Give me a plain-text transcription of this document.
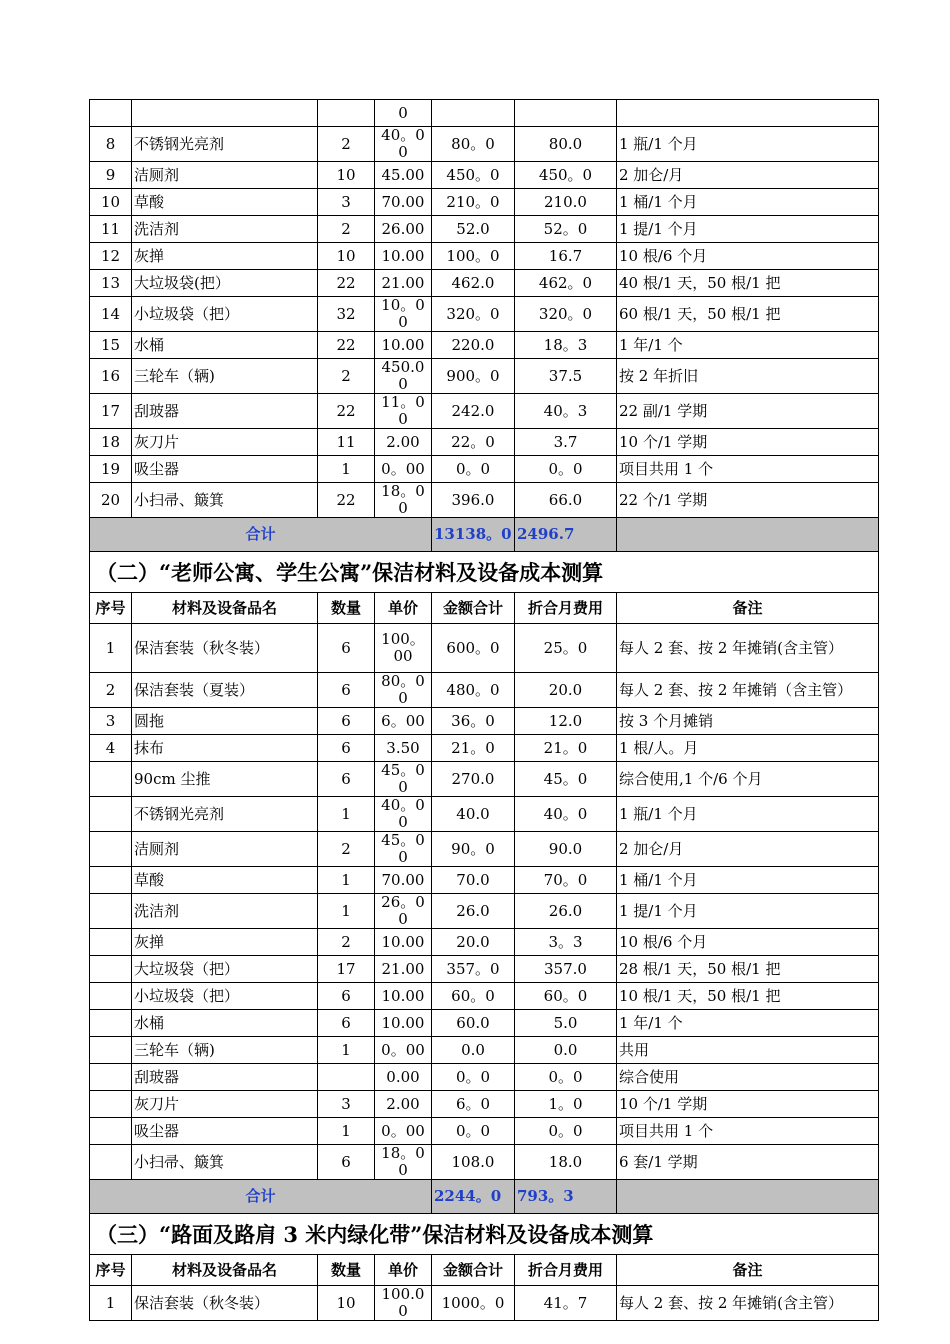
			0			
8	不锈钢光亮剂	2	40。00	80。0	80.0	1 瓶/1 个月
9	洁厕剂	10	45.00	450。0	450。0	2 加仑/月
10	草酸	3	70.00	210。0	210.0	1 桶/1 个月
11	洗洁剂	2	26.00	52.0	52。0	1 提/1 个月
12	灰掸	10	10.00	100。0	16.7	10 根/6 个月
13	大垃圾袋(把）	22	21.00	462.0	462。0	40 根/1 天，50 根/1 把
14	小垃圾袋（把）	32	10。00	320。0	320。0	60 根/1 天，50 根/1 把
15	水桶	22	10.00	220.0	18。3	1 年/1 个
16	三轮车（辆)	2	450.00	900。0	37.5	按 2 年折旧
17	刮玻器	22	11。00	242.0	40。3	22 副/1 学期
18	灰刀片	11	2.00	22。0	3.7	10 个/1 学期
19	吸尘器	1	0。00	0。0	0。0	项目共用 1 个
20	小扫帚、簸箕	22	18。00	396.0	66.0	22 个/1 学期
合计				13138。0	2496.7	
（二）“老师公寓、学生公寓”保洁材料及设备成本测算						
序号	材料及设备品名	数量	单价	金额合计	折合月费用	备注
1	保洁套装（秋冬装）	6	100。00	600。0	25。0	每人 2 套、按 2 年摊销(含主管）
2	保洁套装（夏装）	6	80。00	480。0	20.0	每人 2 套、按 2 年摊销（含主管）
3	圆拖	6	6。00	36。0	12.0	按 3 个月摊销
4	抹布	6	3.50	21。0	21。0	1 根/人。月
	90cm 尘推	6	45。00	270.0	45。0	综合使用,1 个/6 个月
	不锈钢光亮剂	1	40。00	40.0	40。0	1 瓶/1 个月
	洁厕剂	2	45。00	90。0	90.0	2 加仑/月
	草酸	1	70.00	70.0	70。0	1 桶/1 个月
	洗洁剂	1	26。00	26.0	26.0	1 提/1 个月
	灰掸	2	10.00	20.0	3。3	10 根/6 个月
	大垃圾袋（把）	17	21.00	357。0	357.0	28 根/1 天，50 根/1 把
	小垃圾袋（把）	6	10.00	60。0	60。0	10 根/1 天，50 根/1 把
	水桶	6	10.00	60.0	5.0	1 年/1 个
	三轮车（辆)	1	0。00	0.0	0.0	共用
	刮玻器		0.00	0。0	0。0	综合使用
	灰刀片	3	2.00	6。0	1。0	10 个/1 学期
	吸尘器	1	0。00	0。0	0。0	项目共用 1 个
	小扫帚、簸箕	6	18。00	108.0	18.0	6 套/1 学期
合计				2244。0	793。3	
（三）“路面及路肩 3 米内绿化带”保洁材料及设备成本测算						
序号	材料及设备品名	数量	单价	金额合计	折合月费用	备注
1	保洁套装（秋冬装）	10	100.00	1000。0	41。7	每人 2 套、按 2 年摊销(含主管）
